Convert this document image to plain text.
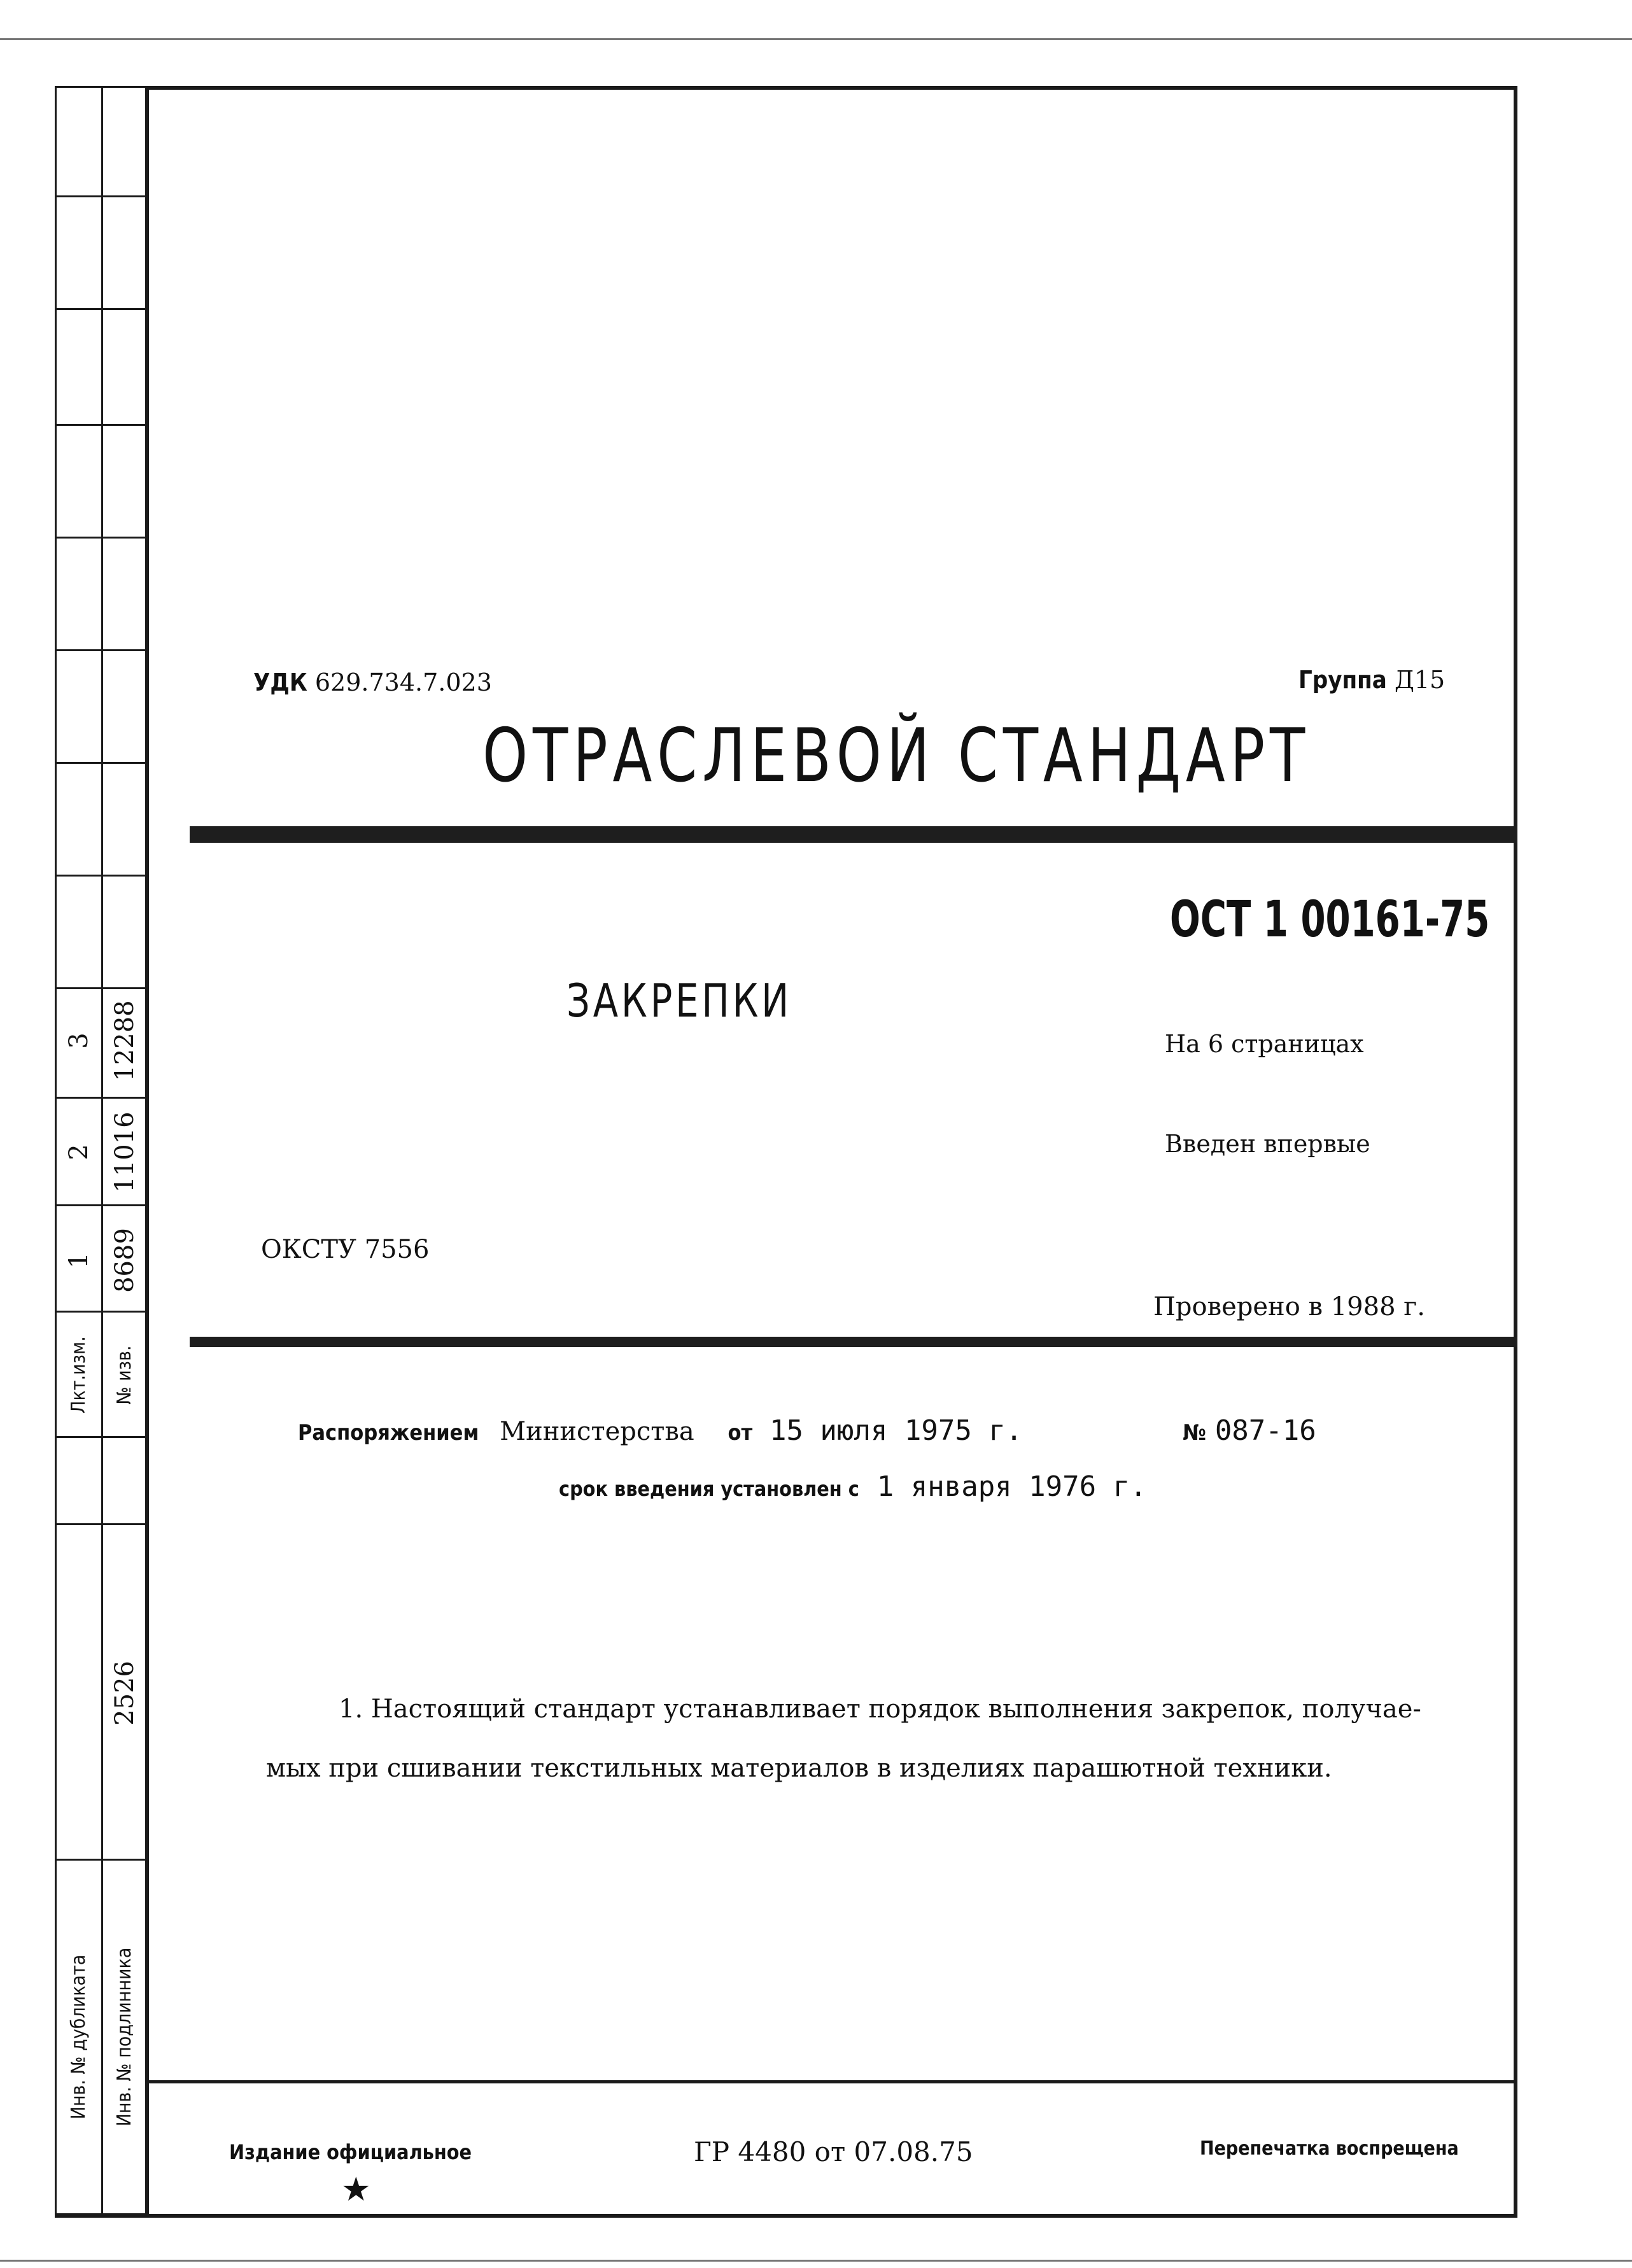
3 12288
2 11016
1 8689
Лкт.изм.	№ изв.
2526
Инв. № дубликата	Инв. № подлинника
УДК 629.734.7.023	Группа Д15
ОТРАСЛЕВОЙ СТАНДАРТ
ОСТ 1 00161-75
ЗАКРЕПКИ
На 6 страницах
Введен впервые
ОКСТУ 7556
Проверено в 1988 г.
Распоряжением Министерства от 15 июля 1975 г.	№ 087-16
срок введения установлен с 1 января 1976 г.
1. Настоящий стандарт устанавливает порядок выполнения закрепок, получае-
мых при сшивании текстильных материалов в изделиях парашютной техники.
Издание официальное
★
ГР 4480 от 07.08.75	Перепечатка воспрещена
